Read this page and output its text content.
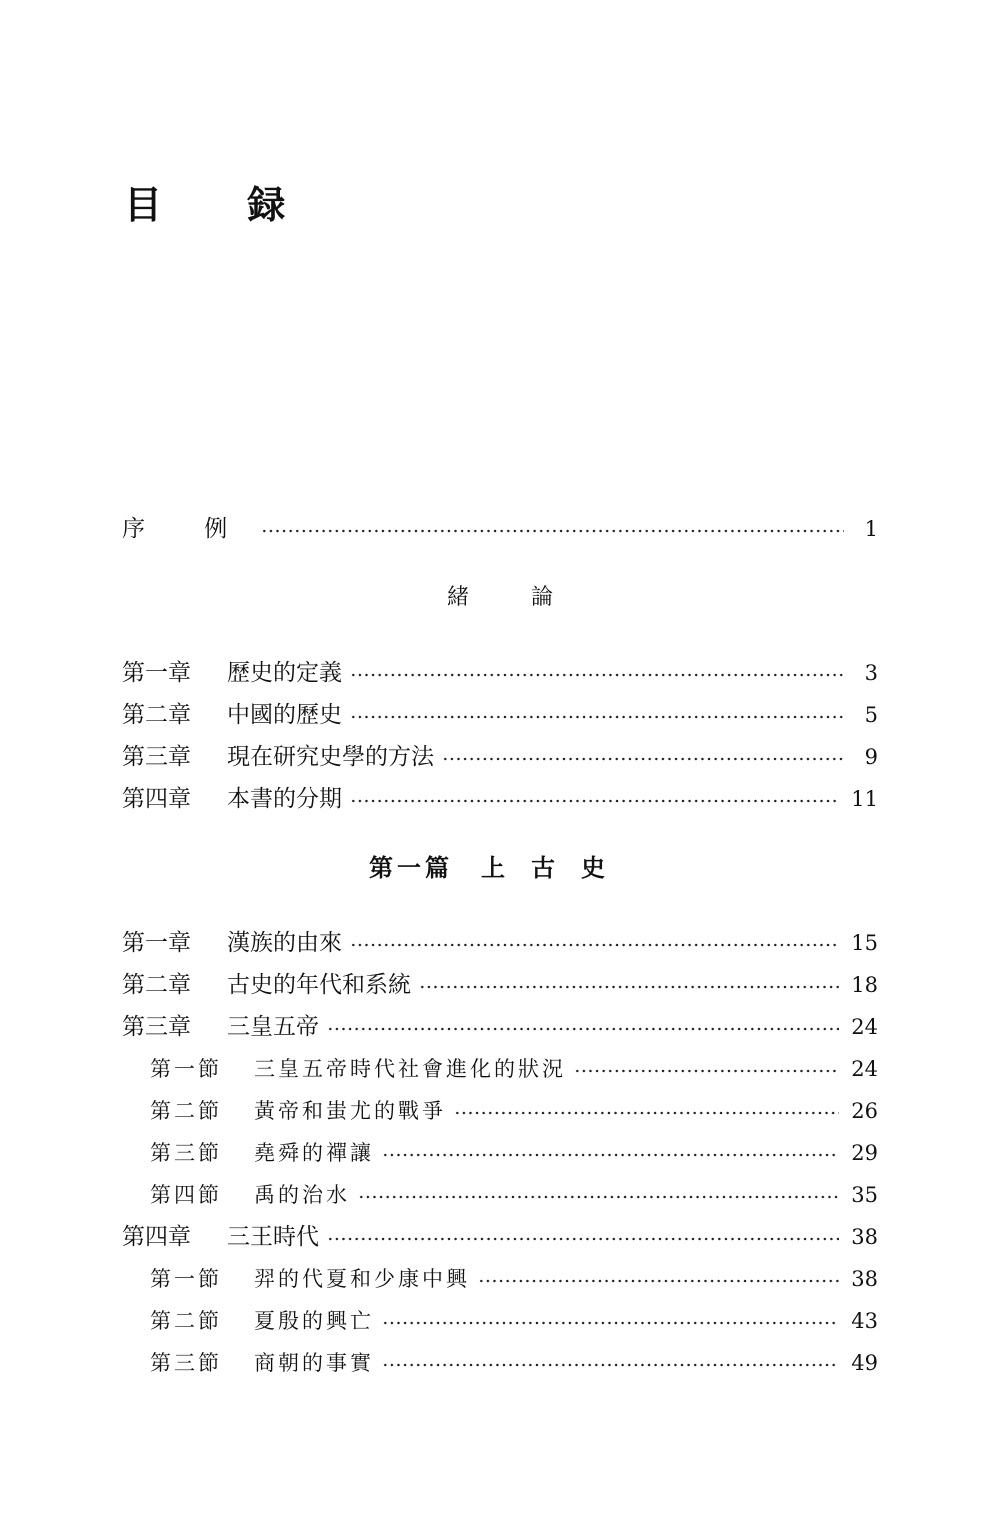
目 録
序 例	1
緒論
第一章	歷史的定義	3
第二章	中國的歷史	5
第三章	現在研究史學的方法	9
第四章	本書的分期	11
第一篇 上古史
第一章	漢族的由來	15
第二章	古史的年代和系統	18
第三章	三皇五帝	24
第一節	三皇五帝時代社會進化的狀況	24
第二節	黃帝和蚩尤的戰爭	26
第三節	堯舜的禪讓	29
第四節	禹的治水	35
第四章	三王時代	38
第一節	羿的代夏和少康中興	38
第二節	夏殷的興亡	43
第三節	商朝的事實	49
